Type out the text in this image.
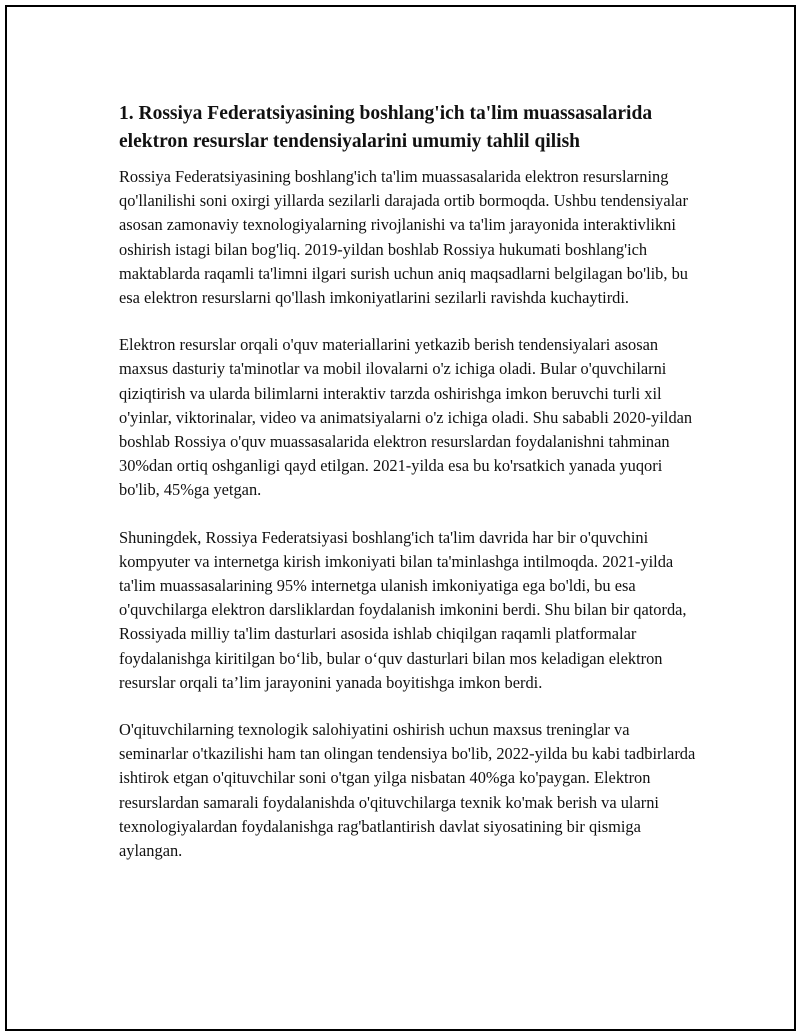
1. Rossiya Federatsiyasining boshlang'ich ta'lim muassasalarida elektron resurslar tendensiyalarini umumiy tahlil qilish

Rossiya Federatsiyasining boshlang'ich ta'lim muassasalarida elektron resurslarning qo'llanilishi soni oxirgi yillarda sezilarli darajada ortib bormoqda. Ushbu tendensiyalar asosan zamonaviy texnologiyalarning rivojlanishi va ta'lim jarayonida interaktivlikni oshirish istagi bilan bog'liq. 2019-yildan boshlab Rossiya hukumati boshlang'ich maktablarda raqamli ta'limni ilgari surish uchun aniq maqsadlarni belgilagan bo'lib, bu esa elektron resurslarni qo'llash imkoniyatlarini sezilarli ravishda kuchaytirdi.

Elektron resurslar orqali o'quv materiallarini yetkazib berish tendensiyalari asosan maxsus dasturiy ta'minotlar va mobil ilovalarni o'z ichiga oladi. Bular o'quvchilarni qiziqtirish va ularda bilimlarni interaktiv tarzda oshirishga imkon beruvchi turli xil o'yinlar, viktorinalar, video va animatsiyalarni o'z ichiga oladi. Shu sababli 2020-yildan boshlab Rossiya o'quv muassasalarida elektron resurslardan foydalanishni tahminan 30%dan ortiq oshganligi qayd etilgan. 2021-yilda esa bu ko'rsatkich yanada yuqori bo'lib, 45%ga yetgan.

Shuningdek, Rossiya Federatsiyasi boshlang'ich ta'lim davrida har bir o'quvchini kompyuter va internetga kirish imkoniyati bilan ta'minlashga intilmoqda. 2021-yilda ta'lim muassasalarining 95% internetga ulanish imkoniyatiga ega bo'ldi, bu esa o'quvchilarga elektron darsliklardan foydalanish imkonini berdi. Shu bilan bir qatorda, Rossiyada milliy ta'lim dasturlari asosida ishlab chiqilgan raqamli platformalar foydalanishga kiritilgan bo‘lib, bular o‘quv dasturlari bilan mos keladigan elektron resurslar orqali ta’lim jarayonini yanada boyitishga imkon berdi.

O'qituvchilarning texnologik salohiyatini oshirish uchun maxsus treninglar va seminarlar o'tkazilishi ham tan olingan tendensiya bo'lib, 2022-yilda bu kabi tadbirlarda ishtirok etgan o'qituvchilar soni o'tgan yilga nisbatan 40%ga ko'paygan. Elektron resurslardan samarali foydalanishda o'qituvchilarga texnik ko'mak berish va ularni texnologiyalardan foydalanishga rag'batlantirish davlat siyosatining bir qismiga aylangan.
